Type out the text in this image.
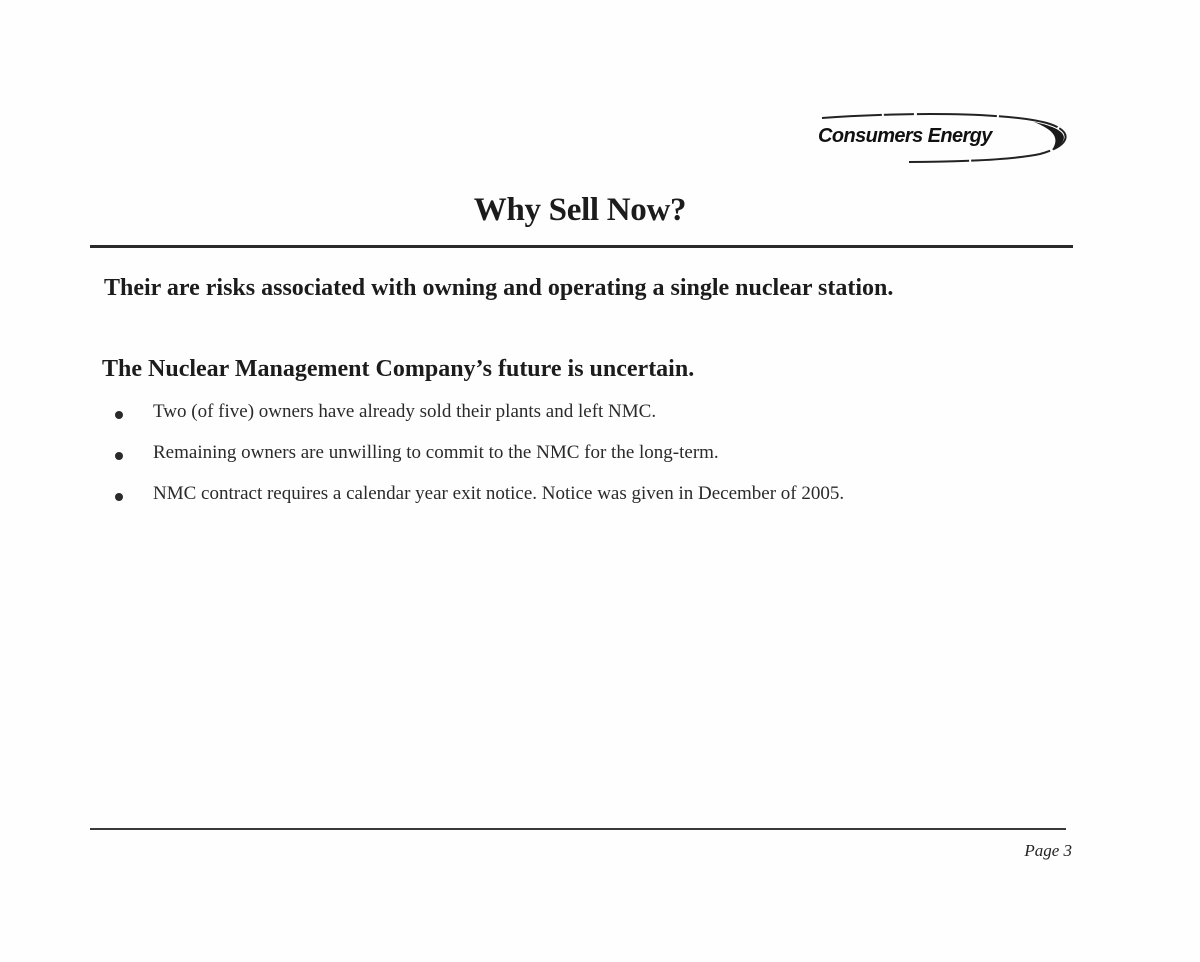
Consumers Energy
Why Sell Now?
Their are risks associated with owning and operating a single nuclear station.
The Nuclear Management Company’s future is uncertain.
Two (of five) owners have already sold their plants and left NMC.
Remaining owners are unwilling to commit to the NMC for the long-term.
NMC contract requires a calendar year exit notice. Notice was given in December of 2005.
Page 3
